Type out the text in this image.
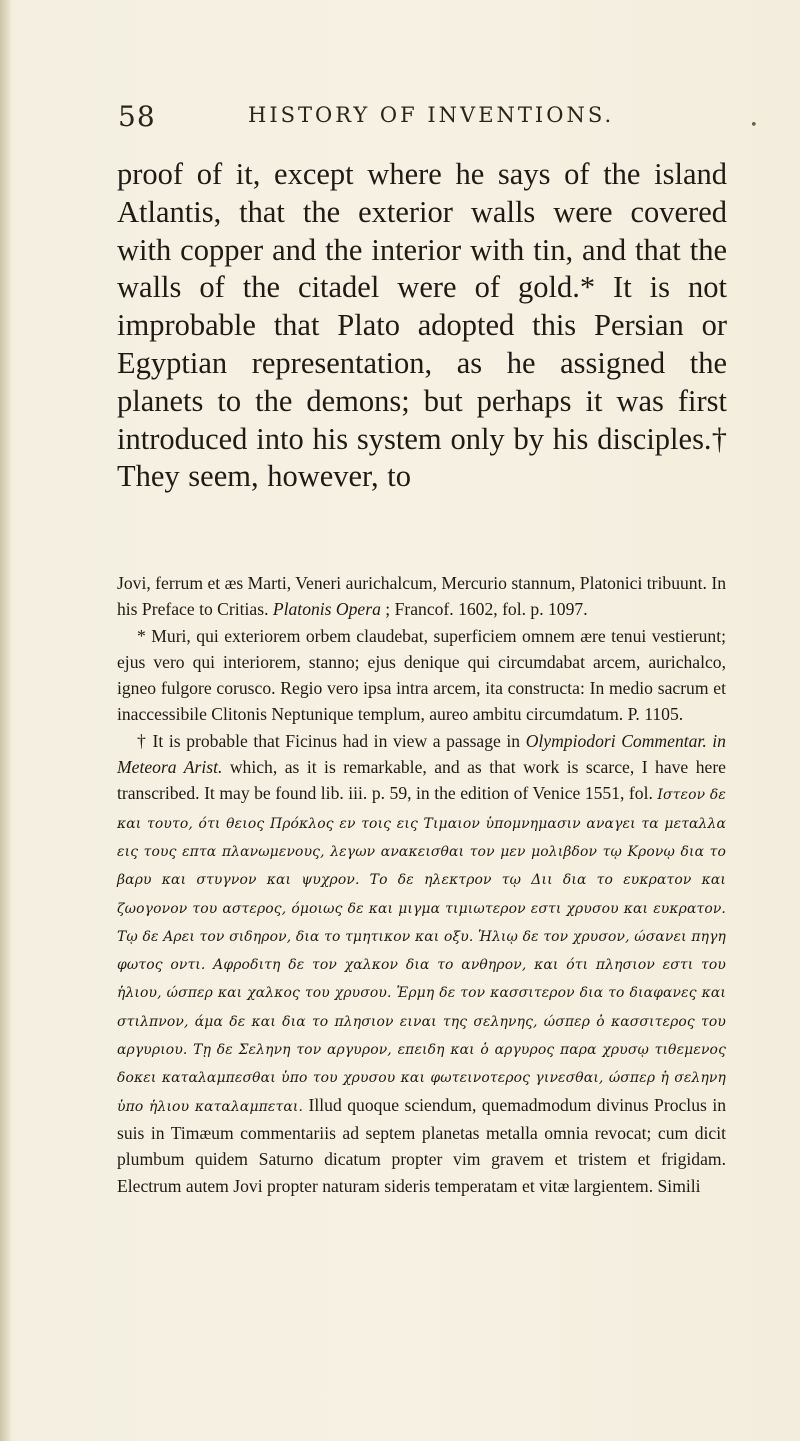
58	HISTORY OF INVENTIONS.	•

proof of it, except where he says of the island Atlantis, that the exterior walls were covered with copper and the interior with tin, and that the walls of the citadel were of gold.* It is not improbable that Plato adopted this Persian or Egyptian representation, as he assigned the planets to the demons; but perhaps it was first introduced into his system only by his disciples.† They seem, however, to

Jovi, ferrum et æs Marti, Veneri aurichalcum, Mercurio stannum, Platonici tribuunt. In his Preface to Critias. Platonis Opera ; Francof. 1602, fol. p. 1097.

* Muri, qui exteriorem orbem claudebat, superficiem omnem ære tenui vestierunt; ejus vero qui interiorem, stanno; ejus denique qui circumdabat arcem, aurichalco, igneo fulgore corusco. Regio vero ipsa intra arcem, ita constructa: In medio sacrum et inaccessibile Clitonis Neptunique templum, aureo ambitu circumdatum. P. 1105.

† It is probable that Ficinus had in view a passage in Olympiodori Commentar. in Meteora Arist. which, as it is remarkable, and as that work is scarce, I have here transcribed. It may be found lib. iii. p. 59, in the edition of Venice 1551, fol. Ιστεον δε και τουτο, ότι θειος Πρόκλος εν τοις εις Τιμαιον ὑπομνημασιν αναγει τα μεταλλα εις τους επτα πλανωμενους, λεγων ανακεισθαι τον μεν μολιβδον τῳ Κρονῳ δια το βαρυ και στυγνον και ψυχρον. Το δε ηλεκτρον τῳ Διι δια το ευκρατον και ζωογονον του αστερος, όμοιως δε και μιγμα τιμιωτερον εστι χρυσου και ευκρατον. Τῳ δε Αρει τον σιδηρον, δια το τμητικον και οξυ. Ἡλιῳ δε τον χρυσον, ώσανει πηγη φωτος οντι. Αφροδιτη δε τον χαλκον δια το ανθηρον, και ότι πλησιον εστι του ἡλιου, ώσπερ και χαλκος του χρυσου. Ἑρμη δε τον κασσιτερον δια το διαφανες και στιλπνον, άμα δε και δια το πλησιον ειναι της σεληνης, ώσπερ ὁ κασσιτερος του αργυριου. Τῃ δε Σεληνη τον αργυρον, επειδη και ὁ αργυρος παρα χρυσῳ τιθεμενος δοκει καταλαμπεσθαι ὑπο του χρυσου και φωτεινοτερος γινεσθαι, ώσπερ ἡ σεληνη ὑπο ἡλιου καταλαμπεται. Illud quoque sciendum, quemadmodum divinus Proclus in suis in Timæum commentariis ad septem planetas metalla omnia revocat; cum dicit plumbum quidem Saturno dicatum propter vim gravem et tristem et frigidam. Electrum autem Jovi propter naturam sideris temperatam et vitæ largientem. Simili
